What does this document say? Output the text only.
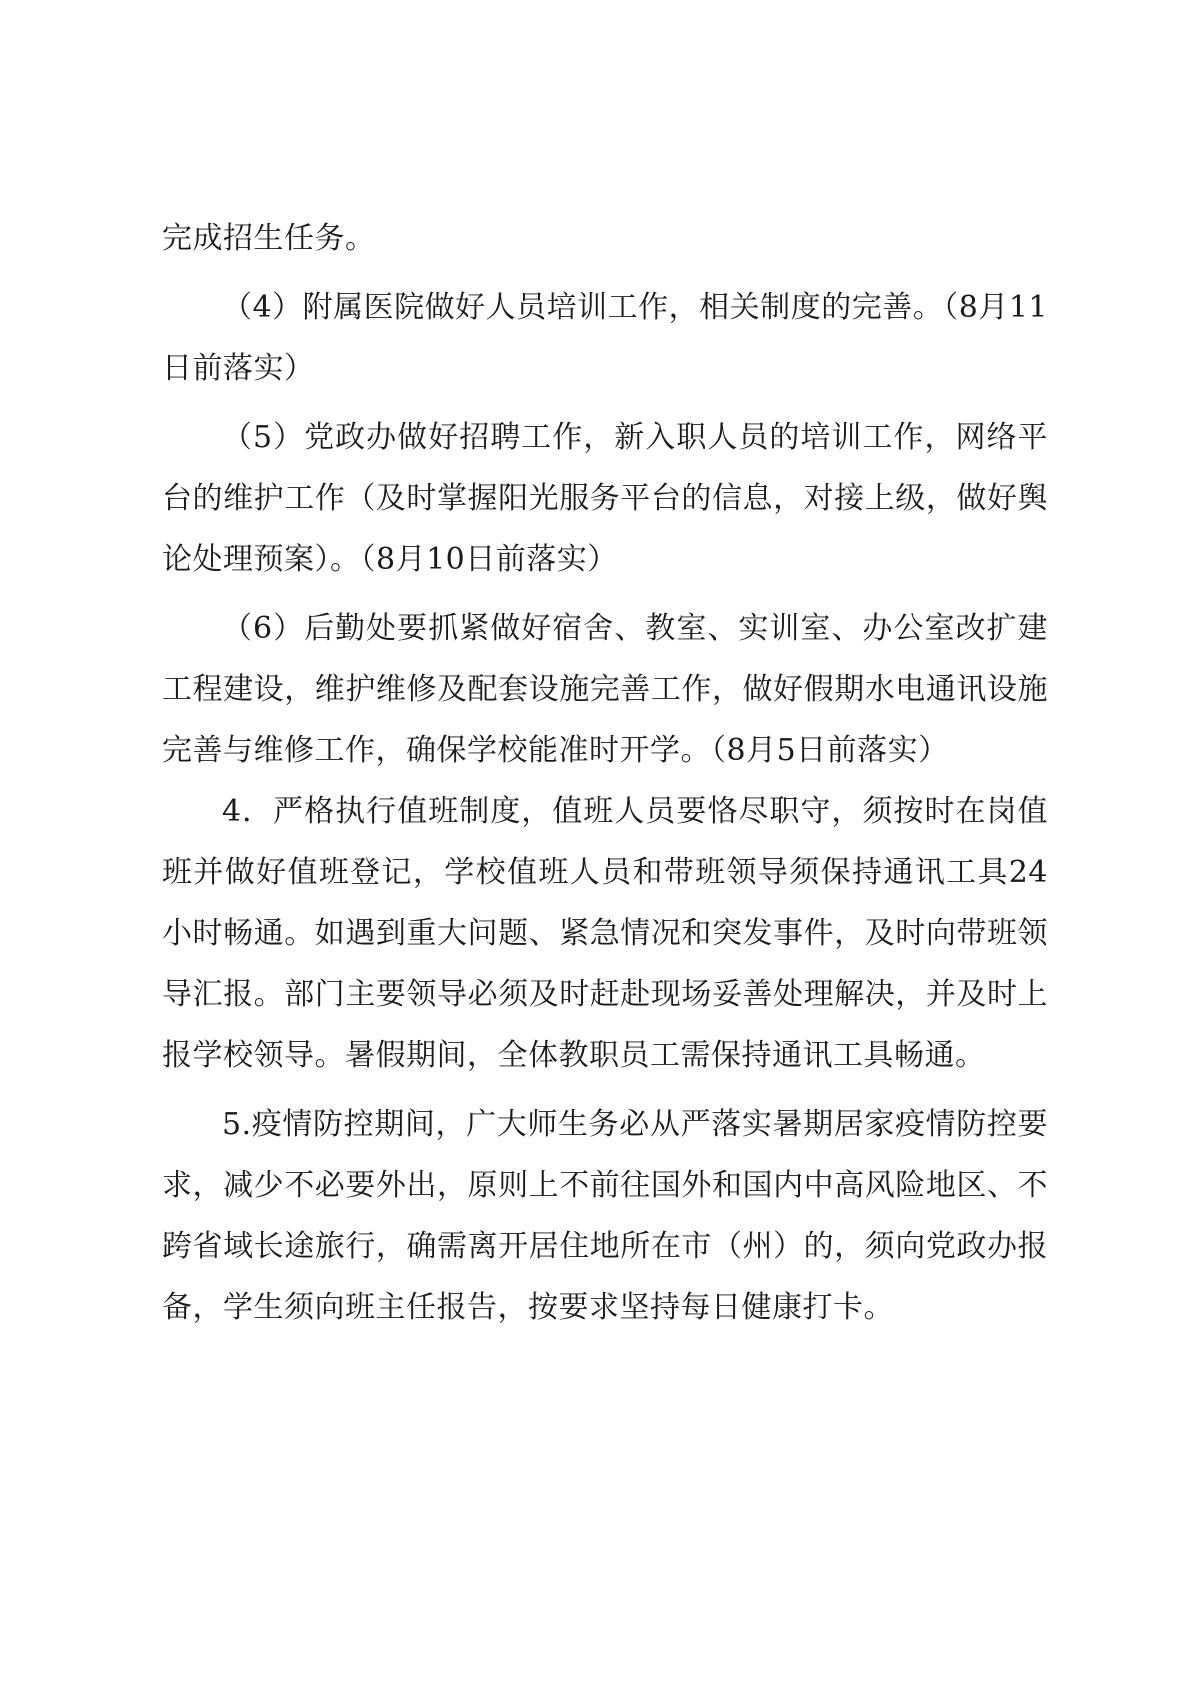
完成招生任务。

（4）附属医院做好人员培训工作，相关制度的完善。（8月11日前落实）

（5）党政办做好招聘工作，新入职人员的培训工作，网络平台的维护工作（及时掌握阳光服务平台的信息，对接上级，做好舆论处理预案）。（8月10日前落实）

（6）后勤处要抓紧做好宿舍、教室、实训室、办公室改扩建工程建设，维护维修及配套设施完善工作，做好假期水电通讯设施完善与维修工作，确保学校能准时开学。（8月5日前落实）

4．严格执行值班制度，值班人员要恪尽职守，须按时在岗值班并做好值班登记，学校值班人员和带班领导须保持通讯工具24小时畅通。如遇到重大问题、紧急情况和突发事件，及时向带班领导汇报。部门主要领导必须及时赶赴现场妥善处理解决，并及时上报学校领导。暑假期间，全体教职员工需保持通讯工具畅通。

5.疫情防控期间，广大师生务必从严落实暑期居家疫情防控要求，减少不必要外出，原则上不前往国外和国内中高风险地区、不跨省域长途旅行，确需离开居住地所在市（州）的，须向党政办报备，学生须向班主任报告，按要求坚持每日健康打卡。
